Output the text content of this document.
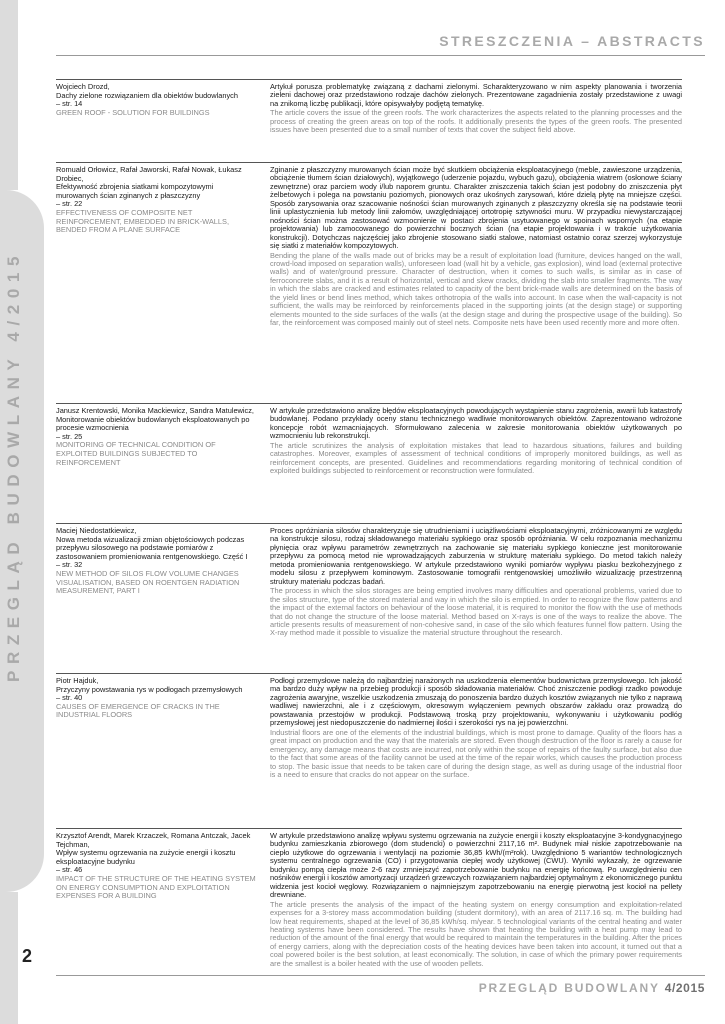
PRZEGLĄD BUDOWLANY 4/2015
STRESZCZENIA – ABSTRACTS
Wojciech Drozd,
Dachy zielone rozwiązaniem dla obiektów budowlanych
– str. 14
GREEN ROOF - SOLUTION FOR BUILDINGS

Artykuł porusza problematykę związaną z dachami zielonymi. Scharakteryzowano w nim aspekty planowania i tworzenia zieleni dachowej oraz przedstawiono rodzaje dachów zielonych. Prezentowane zagadnienia zostały przedstawione z uwagi na znikomą liczbę publikacji, które opisywałyby podjętą tematykę.

The article covers the issue of the green roofs. The work characterizes the aspects related to the planning processes and the process of creating the green areas on top of the roofs. It additionally presents the types of the green roofs. The presented issues have been presented due to a small number of texts that cover the subject field above.

Romuald Orłowicz, Rafał Jaworski, Rafał Nowak, Łukasz Drobiec,
Efektywność zbrojenia siatkami kompozytowymi murowanych ścian zginanych z płaszczyzny
– str. 22
EFFECTIVENESS OF COMPOSITE NET REINFORCEMENT, EMBEDDED IN BRICK-WALLS, BENDED FROM A PLANE SURFACE

Zginanie z płaszczyzny murowanych ścian może być skutkiem obciążenia eksploatacyjnego (meble, zawieszone urządzenia, obciążenie tłumem ścian działowych), wyjątkowego (uderzenie pojazdu, wybuch gazu), obciążenia wiatrem (osłonowe ściany zewnętrzne) oraz parciem wody i/lub naporem gruntu. Charakter zniszczenia takich ścian jest podobny do zniszczenia płyt żelbetowych i polega na powstaniu poziomych, pionowych oraz ukośnych zarysowań, które dzielą płytę na mniejsze części. Sposób zarysowania oraz szacowanie nośności ścian murowanych zginanych z płaszczyzny określa się na podstawie teorii linii uplastycznienia lub metody linii załomów, uwzględniającej ortotropię sztywności muru. W przypadku niewystarczającej nośności ścian można zastosować wzmocnienie w postaci zbrojenia usytuowanego w spoinach wspornych (na etapie projektowania) lub zamocowanego do powierzchni bocznych ścian (na etapie projektowania i w trakcie użytkowania konstrukcji). Dotychczas najczęściej jako zbrojenie stosowano siatki stalowe, natomiast ostatnio coraz szerzej wykorzystuje się siatki z materiałów kompozytowych.

Bending the plane of the walls made out of bricks may be a result of exploitation load (furniture, devices hanged on the wall, crowd-load imposed on separation walls), unforeseen load (wall hit by a vehicle, gas explosion), wind load (external protective walls) and of water/ground pressure. Character of destruction, when it comes to such walls, is similar as in case of ferroconcrete slabs, and it is a result of horizontal, vertical and skew cracks, dividing the slab into smaller fragments. The way in which the slabs are cracked and estimates related to capacity of the bent brick-made walls are determined on the basis of the yield lines or bend lines method, which takes orthotropia of the walls into account. In case when the wall-capacity is not sufficient, the walls may be reinforced by reinforcements placed in the supporting joints (at the design stage) or supporting elements mounted to the side surfaces of the walls (at the design stage and during the prospective usage of the building). So far, the reinforcement was composed mainly out of steel nets. Composite nets have been used recently more and more often.

Janusz Krentowski, Monika Mackiewicz, Sandra Matulewicz,
Monitorowanie obiektów budowlanych eksploatowanych po procesie wzmocnienia
– str. 25
MONITORING OF TECHNICAL CONDITION OF EXPLOITED BUILDINGS SUBJECTED TO REINFORCEMENT

W artykule przedstawiono analizę błędów eksploatacyjnych powodujących wystąpienie stanu zagrożenia, awarii lub katastrofy budowlanej. Podano przykłady oceny stanu technicznego wadliwie monitorowanych obiektów. Zaprezentowano wdrożone koncepcje robót wzmacniających. Sformułowano zalecenia w zakresie monitorowania obiektów użytkowanych po wzmocnieniu lub rekonstrukcji.

The article scrutinizes the analysis of exploitation mistakes that lead to hazardous situations, failures and building catastrophes. Moreover, examples of assessment of technical conditions of improperly monitored buildings, as well as reinforcement concepts, are presented. Guidelines and recommendations regarding monitoring of technical condition of exploited buildings subjected to reinforcement or reconstruction were formulated.

Maciej Niedostatkiewicz,
Nowa metoda wizualizacji zmian objętościowych podczas przepływu silosowego na podstawie pomiarów z zastosowaniem promieniowania rentgenowskiego. Część I
– str. 32
NEW METHOD OF SILOS FLOW VOLUME CHANGES VISUALISATION, BASED ON ROENTGEN RADIATION MEASUREMENT, PART I

Proces opróżniania silosów charakteryzuje się utrudnieniami i uciążliwościami eksploatacyjnymi, zróżnicowanymi ze względu na konstrukcje silosu, rodzaj składowanego materiału sypkiego oraz sposób opróżniania. W celu rozpoznania mechanizmu płynięcia oraz wpływu parametrów zewnętrznych na zachowanie się materiału sypkiego konieczne jest monitorowanie przepływu za pomocą metod nie wprowadzających zaburzenia w strukturę materiału sypkiego. Do metod takich należy metoda promieniowania rentgenowskiego. W artykule przedstawiono wyniki pomiarów wypływu piasku bezkohezyjnego z modelu silosu z przepływem kominowym. Zastosowanie tomografii rentgenowskiej umożliwiło wizualizację przestrzenną struktury materiału podczas badań.

The process in which the silos storages are being emptied involves many difficulties and operational problems, varied due to the silos structure, type of the stored material and way in which the silo is emptied. In order to recognize the flow patterns and the impact of the external factors on behaviour of the loose material, it is required to monitor the flow with the use of methods that do not change the structure of the loose material. Method based on X-rays is one of the ways to realize the above. The article presents results of measurement of non-cohesive sand, in case of the silo which features funnel flow pattern. Using the X-ray method made it possible to visualize the material structure throughout the research.

Piotr Hajduk,
Przyczyny powstawania rys w podłogach przemysłowych
– str. 40
CAUSES OF EMERGENCE OF CRACKS IN THE INDUSTRIAL FLOORS

Podłogi przemysłowe należą do najbardziej narażonych na uszkodzenia elementów budownictwa przemysłowego. Ich jakość ma bardzo duży wpływ na przebieg produkcji i sposób składowania materiałów. Choć zniszczenie podłogi rzadko powoduje zagrożenia awaryjne, wszelkie uszkodzenia zmuszają do ponoszenia bardzo dużych kosztów związanych nie tylko z naprawą wadliwej nawierzchni, ale i z częściowym, okresowym wyłączeniem pewnych obszarów zakładu oraz prowadzą do powstawania przestojów w produkcji. Podstawową troską przy projektowaniu, wykonywaniu i użytkowaniu podłóg przemysłowej jest niedopuszczenie do nadmiernej ilości i szerokości rys na jej powierzchni.

Industrial floors are one of the elements of the industrial buildings, which is most prone to damage. Quality of the floors has a great impact on production and the way that the materials are stored. Even though destruction of the floor is rarely a cause for emergency, any damage means that costs are incurred, not only within the scope of repairs of the faulty surface, but also due to the fact that some areas of the facility cannot be used at the time of the repair works, which causes the production process to stop. The basic issue that needs to be taken care of during the design stage, as well as during usage of the industrial floor is a need to ensure that cracks do not appear on the surface.

Krzysztof Arendt, Marek Krzaczek, Romana Antczak, Jacek Tejchman,
Wpływ systemu ogrzewania na zużycie energii i kosztu eksploatacyjne budynku
– str. 46
IMPACT OF THE STRUCTURE OF THE HEATING SYSTEM ON ENERGY CONSUMPTION AND EXPLOITATION EXPENSES FOR A BUILDING

W artykule przedstawiono analizę wpływu systemu ogrzewania na zużycie energii i koszty eksploatacyjne 3-kondygnacyjnego budynku zamieszkania zbiorowego (dom studencki) o powierzchni 2117,16 m². Budynek miał niskie zapotrzebowanie na ciepło użytkowe do ogrzewania i wentylacji na poziomie 36,85 kWh/(m²rok). Uwzględniono 5 wariantów technologicznych systemu centralnego ogrzewania (CO) i przygotowania ciepłej wody użytkowej (CWU). Wyniki wykazały, że ogrzewanie budynku pompą ciepła może 2-6 razy zmniejszyć zapotrzebowanie budynku na energię końcową. Po uwzględnieniu cen nośników energii i kosztów amortyzacji urządzeń grzewczych rozwiązaniem najbardziej optymalnym z ekonomicznego punktu widzenia jest kocioł węglowy. Rozwiązaniem o najmniejszym zapotrzebowaniu na energię pierwotną jest kocioł na pellety drewniane.

The article presents the analysis of the impact of the heating system on energy consumption and exploitation-related expenses for a 3-storey mass accommodation building (student dormitory), with an area of 2117.16 sq. m. The building had low heat requirements, shaped at the level of 36,85 kWh/sq. m/year. 5 technological variants of the central heating and water heating systems have been considered. The results have shown that heating the building with a heat pump may lead to reduction of the amount of the final energy that would be required to maintain the temperatures in the building. After the prices of energy carriers, along with the depreciation costs of the heating devices have been taken into account, it turned out that a coal powered boiler is the best solution, at least economically. The solution, in case of which the primary power requirements are the smallest is a boiler heated with the use of wooden pellets.

2
PRZEGLĄD BUDOWLANY 4/2015
